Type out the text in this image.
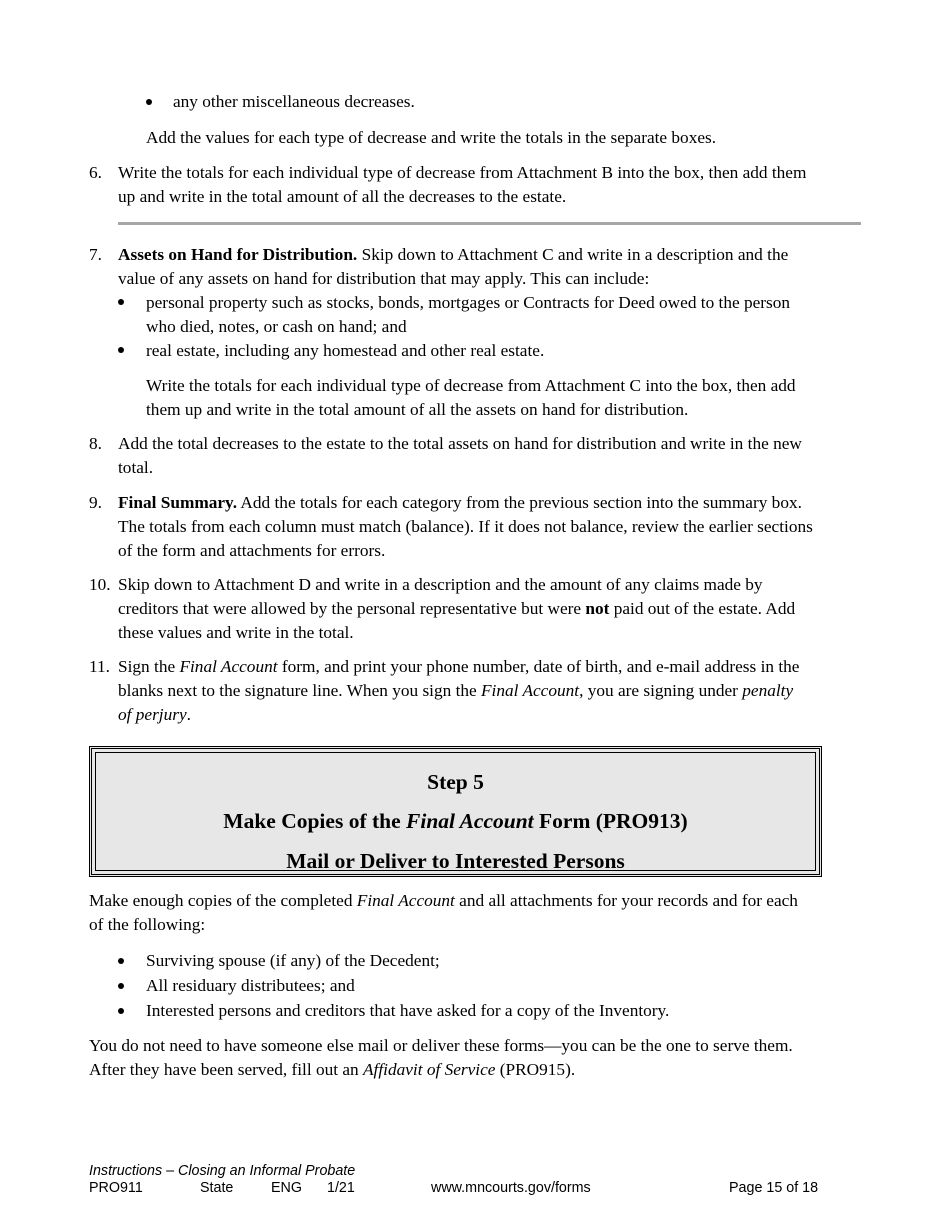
any other miscellaneous decreases.
Add the values for each type of decrease and write the totals in the separate boxes.
6. Write the totals for each individual type of decrease from Attachment B into the box, then add them
up and write in the total amount of all the decreases to the estate.
7. Assets on Hand for Distribution. Skip down to Attachment C and write in a description and the
value of any assets on hand for distribution that may apply. This can include:
personal property such as stocks, bonds, mortgages or Contracts for Deed owed to the person
who died, notes, or cash on hand; and
real estate, including any homestead and other real estate.
Write the totals for each individual type of decrease from Attachment C into the box, then add
them up and write in the total amount of all the assets on hand for distribution.
8. Add the total decreases to the estate to the total assets on hand for distribution and write in the new
total.
9. Final Summary. Add the totals for each category from the previous section into the summary box.
The totals from each column must match (balance). If it does not balance, review the earlier sections
of the form and attachments for errors.
10. Skip down to Attachment D and write in a description and the amount of any claims made by
creditors that were allowed by the personal representative but were not paid out of the estate. Add
these values and write in the total.
11. Sign the Final Account form, and print your phone number, date of birth, and e-mail address in the
blanks next to the signature line. When you sign the Final Account, you are signing under penalty
of perjury.
Step 5
Make Copies of the Final Account Form (PRO913)
Mail or Deliver to Interested Persons
Make enough copies of the completed Final Account and all attachments for your records and for each
of the following:
Surviving spouse (if any) of the Decedent;
All residuary distributees; and
Interested persons and creditors that have asked for a copy of the Inventory.
You do not need to have someone else mail or deliver these forms—you can be the one to serve them.
After they have been served, fill out an Affidavit of Service (PRO915).
Instructions – Closing an Informal Probate
PRO911	State	ENG 1/21	www.mncourts.gov/forms	Page 15 of 18
